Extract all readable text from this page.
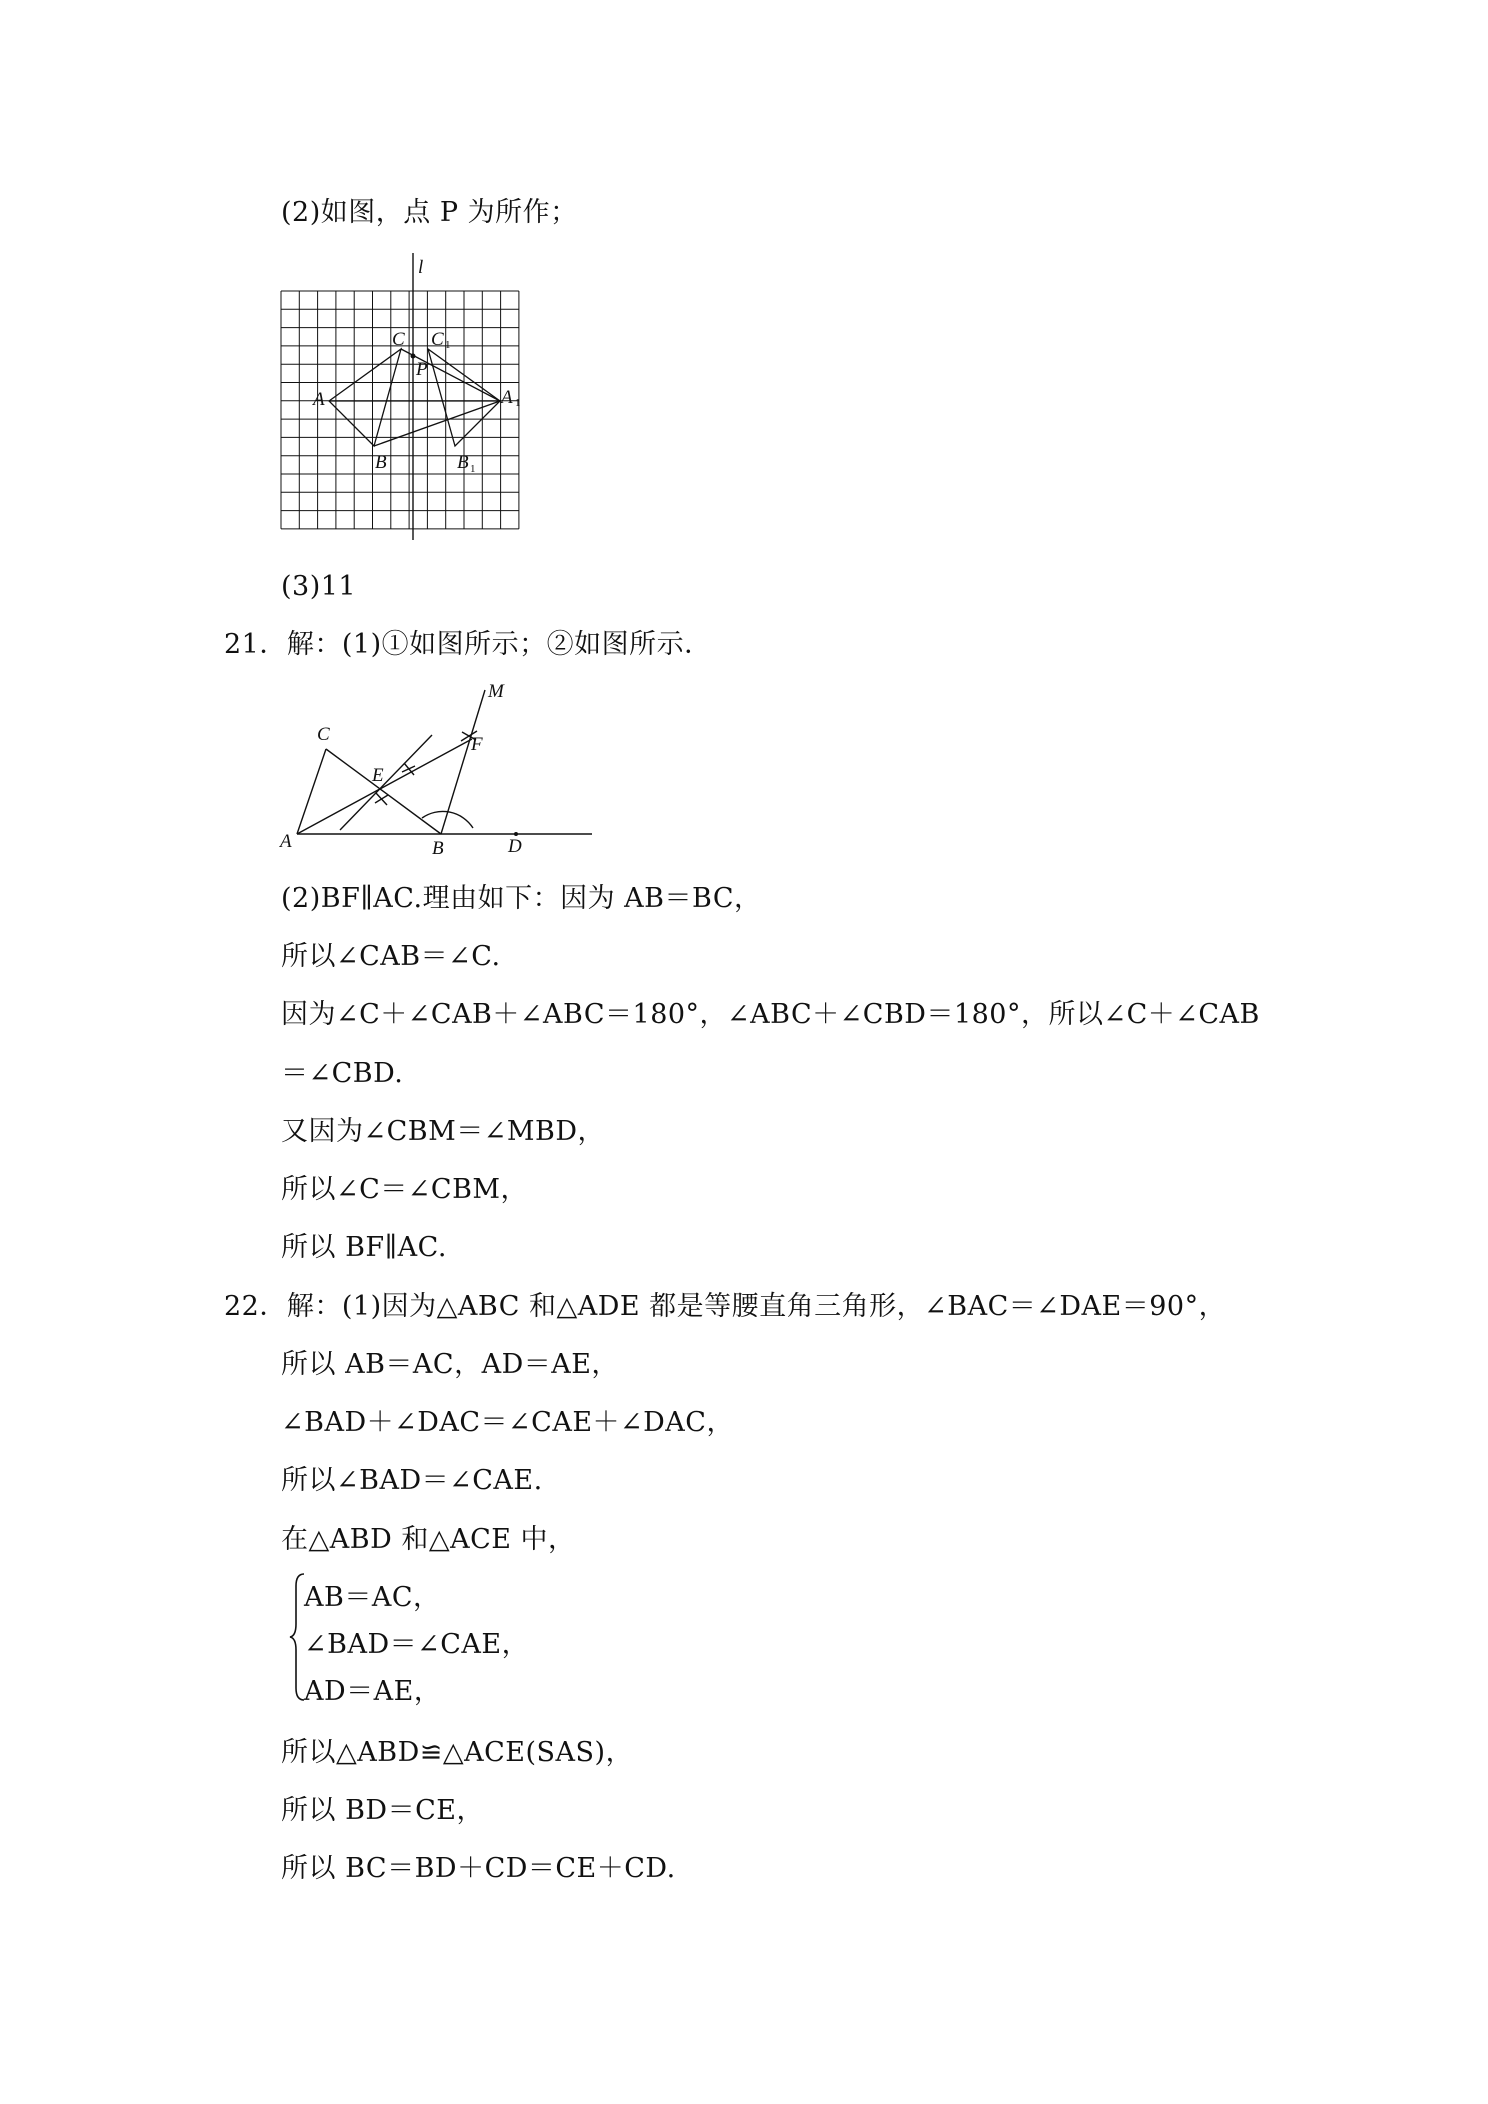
(2)如图，点 P 为所作；
l
A
B
C
P
A 1
B 1
C 1
(3)11
21．解：(1)①如图所示；②如图所示．
A	B
C
D
E
F
M
(2)BF∥AC.理由如下：因为 AB＝BC，
所以∠CAB＝∠C.
因为∠C＋∠CAB＋∠ABC＝180°，∠ABC＋∠CBD＝180°，所以∠C＋∠CAB
＝∠CBD.
又因为∠CBM＝∠MBD，
所以∠C＝∠CBM，
所以 BF∥AC.
22．解：(1)因为△ABC 和△ADE 都是等腰直角三角形，∠BAC＝∠DAE＝90°，
所以 AB＝AC，AD＝AE，
∠BAD＋∠DAC＝∠CAE＋∠DAC，
所以∠BAD＝∠CAE.
在△ABD 和△ACE 中，
AB＝AC，
∠BAD＝∠CAE，
AD＝AE，
所以△ABD≌△ACE(SAS)，
所以 BD＝CE，
所以 BC＝BD＋CD＝CE＋CD.
